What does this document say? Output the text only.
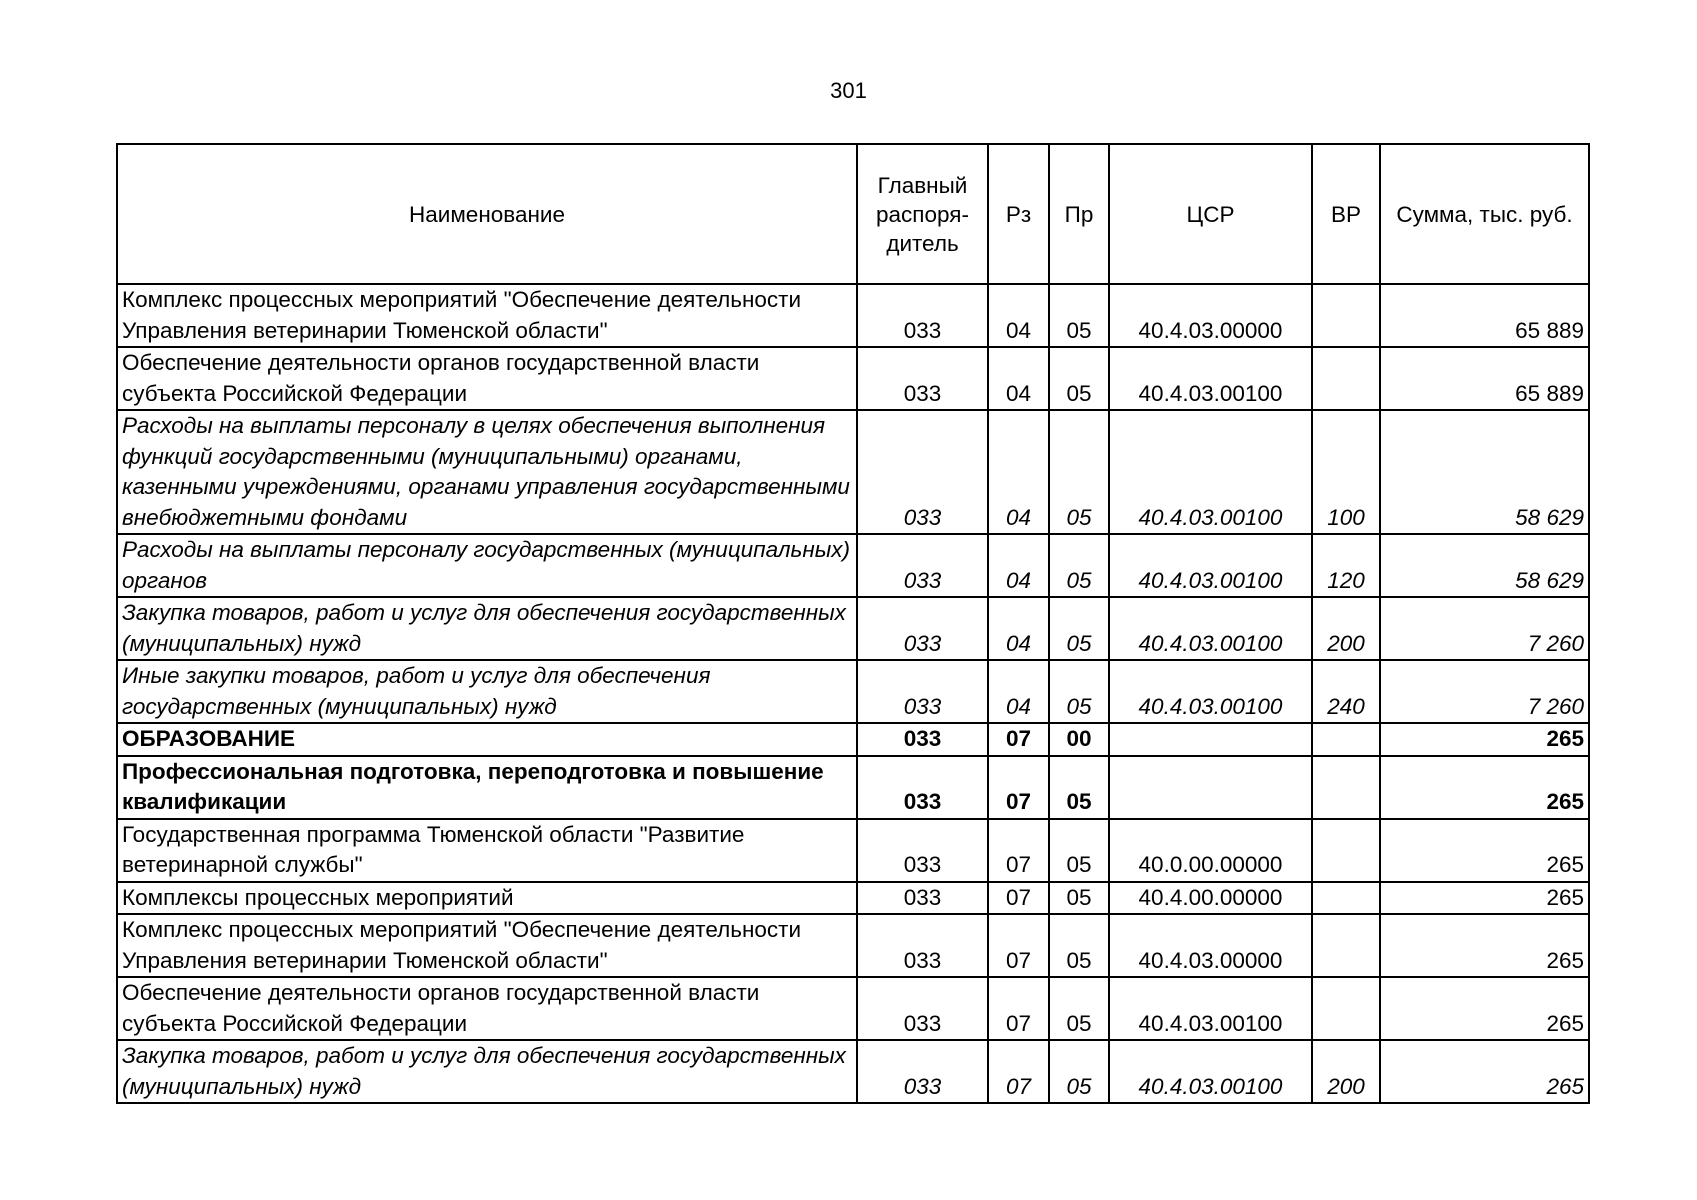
301
Наименование	Главный распоря- дитель	Рз	Пр	ЦСР	ВР	Сумма, тыс. руб.
Комплекс процессных мероприятий "Обеспечение деятельности Управления ветеринарии Тюменской области"	033	04	05	40.4.03.00000		65 889
Обеспечение деятельности органов государственной власти субъекта Российской Федерации	033	04	05	40.4.03.00100		65 889
Расходы на выплаты персоналу в целях обеспечения выполнения функций государственными (муниципальными) органами, казенными учреждениями, органами управления государственными внебюджетными фондами	033	04	05	40.4.03.00100	100	58 629
Расходы на выплаты персоналу государственных (муниципальных) органов	033	04	05	40.4.03.00100	120	58 629
Закупка товаров, работ и услуг для обеспечения государственных (муниципальных) нужд	033	04	05	40.4.03.00100	200	7 260
Иные закупки товаров, работ и услуг для обеспечения государственных (муниципальных) нужд	033	04	05	40.4.03.00100	240	7 260
ОБРАЗОВАНИЕ	033	07	00			265
Профессиональная подготовка, переподготовка и повышение квалификации	033	07	05			265
Государственная программа Тюменской области "Развитие ветеринарной службы"	033	07	05	40.0.00.00000		265
Комплексы процессных мероприятий	033	07	05	40.4.00.00000		265
Комплекс процессных мероприятий "Обеспечение деятельности Управления ветеринарии Тюменской области"	033	07	05	40.4.03.00000		265
Обеспечение деятельности органов государственной власти субъекта Российской Федерации	033	07	05	40.4.03.00100		265
Закупка товаров, работ и услуг для обеспечения государственных (муниципальных) нужд	033	07	05	40.4.03.00100	200	265
